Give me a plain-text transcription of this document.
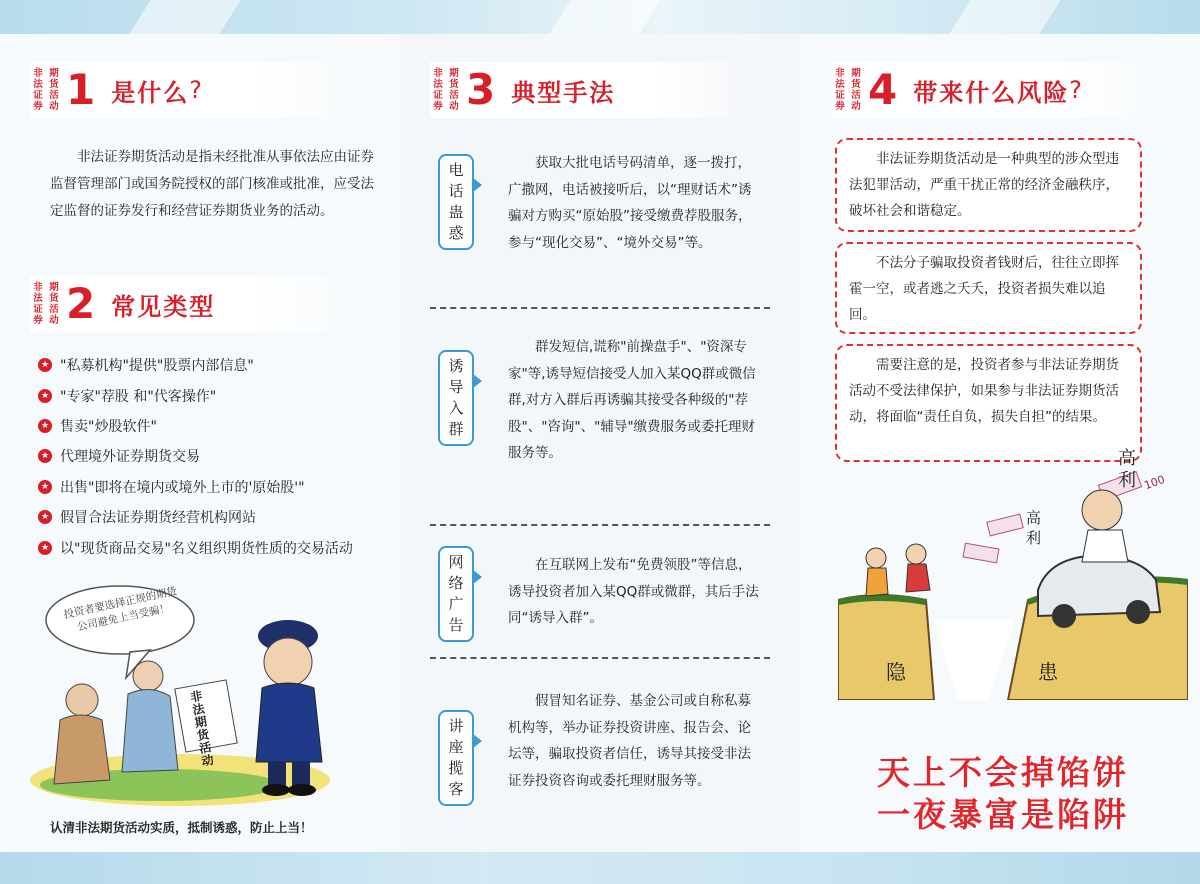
非 期
法 货
证 活
券 动 1 是什么 ?
　　非法证券期货活动是指未经批准从事依法应由证券监督管理部门或国务院授权的部门核准或批准，应受法定监督的证券发行和经营证券期货业务的活动。
非 期
法 货
证 活
券 动 2 常见类型
★ "私募机构"提供"股票内部信息"
★ "专家"荐股 和"代客操作"
★ 售卖"炒股软件"
★ 代理境外证券期货交易
★ 出售"即将在境内或境外上市的'原始股'"
★ 假冒合法证券期货经营机构网站
★ 以"现货商品交易"名义组织期货性质的交易活动
投资者要选择正规的期货公司避免上当受骗！
非法期货活动
认清非法期货活动实质，抵制诱惑，防止上当！
非 期
法 货
证 活
券 动 3 典型手法
电
话
蛊
惑
　　获取大批电话号码清单，逐一拨打，广撒网，电话被接听后，以“理财话术”诱骗对方购买“原始股”接受缴费荐股服务，参与“现化交易”、“境外交易”等。
诱
导
入
群
　　群发短信,谎称"前操盘手"、"资深专家"等,诱导短信接受人加入某QQ群或微信群,对方入群后再诱骗其接受各种级的"荐股"、"咨询"、"辅导"缴费服务或委托理财服务等。
网
络
广
告
　　在互联网上发布“免费领股”等信息，诱导投资者加入某QQ群或微群，其后手法同“诱导入群”。
讲
座
揽
客
　　假冒知名证券、基金公司或自称私募机构等，举办证券投资讲座、报告会、论坛等，骗取投资者信任，诱导其接受非法证券投资咨询或委托理财服务等。
非 期
法 货
证 活
券 动 4 带来什么风险 ?
　　非法证券期货活动是一种典型的涉众型违法犯罪活动，严重干扰正常的经济金融秩序，破坏社会和谐稳定。
　　不法分子骗取投资者钱财后，往往立即挥霍一空，或者逃之夭夭，投资者损失难以追回。
　　需要注意的是，投资者参与非法证券期货活动不受法律保护，如果参与非法证券期货活动，将面临“责任自负，损失自担”的结果。
高
利
高
利
100
隐	患
天上不会掉馅饼
一夜暴富是陷阱
